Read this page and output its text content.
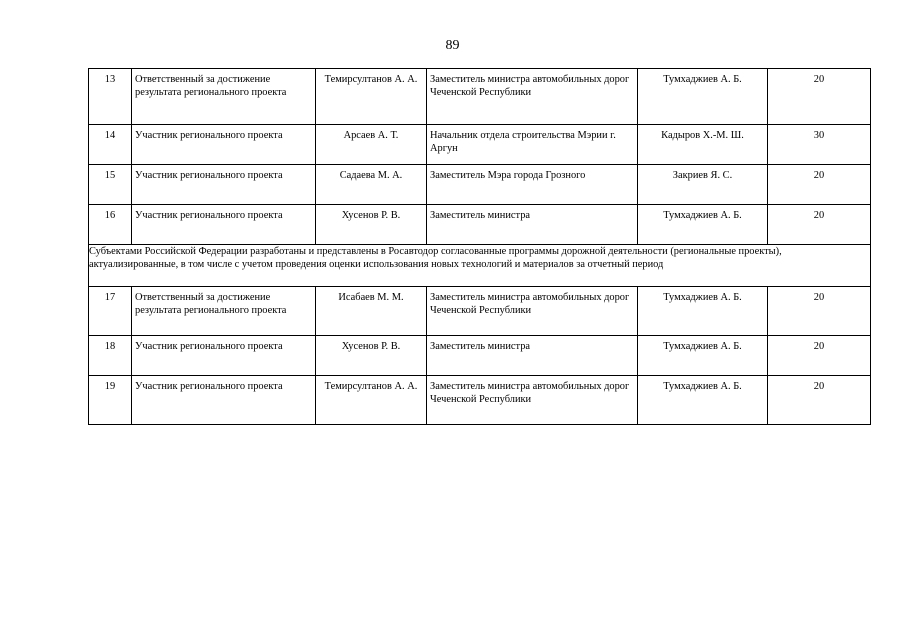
89
13	Ответственный за достижение результата регионального проекта	Темирсултанов А. А.	Заместитель министра автомобильных дорог Чеченской Республики	Тумхаджиев А. Б.	20
14	Участник регионального проекта	Арсаев А. Т.	Начальник отдела строительства Мэрии г. Аргун	Кадыров Х.-М. Ш.	30
15	Участник регионального проекта	Садаева М. А.	Заместитель Мэра города Грозного	Закриев Я. С.	20
16	Участник регионального проекта	Хусенов Р. В.	Заместитель министра	Тумхаджиев А. Б.	20

Субъектами Российской Федерации разработаны и представлены в Росавтодор согласованные программы дорожной деятельности (региональные проекты), актуализированные, в том числе с учетом проведения оценки использования новых технологий и материалов за отчетный период					

17	Ответственный за достижение результата регионального проекта	Исабаев М. М.	Заместитель министра автомобильных дорог Чеченской Республики	Тумхаджиев А. Б.	20
18	Участник регионального проекта	Хусенов Р. В.	Заместитель министра	Тумхаджиев А. Б.	20
19	Участник регионального проекта	Темирсултанов А. А.	Заместитель министра автомобильных дорог Чеченской Республики	Тумхаджиев А. Б.	20
